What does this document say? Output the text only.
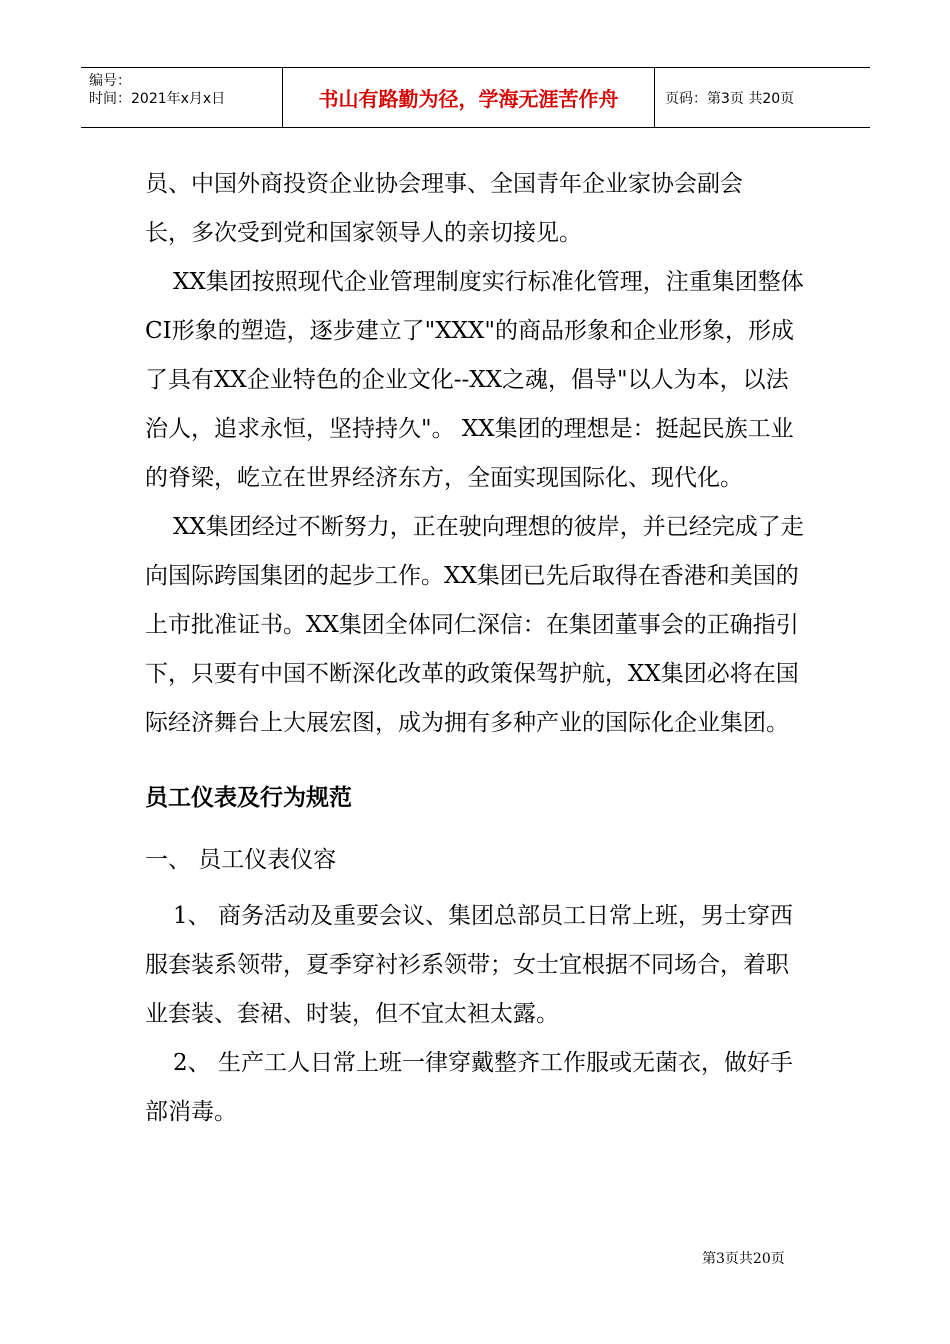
编号：
时间：2021年x月x日	书山有路勤为径，学海无涯苦作舟	页码：第3页 共20页

员、中国外商投资企业协会理事、全国青年企业家协会副会

长，多次受到党和国家领导人的亲切接见。

XX集团按照现代企业管理制度实行标准化管理，注重集团整体CI形象的塑造，逐步建立了"XXX"的商品形象和企业形象，形成了具有XX企业特色的企业文化--XX之魂，倡导"以人为本，以法治人，追求永恒，坚持持久"。 XX集团的理想是：挺起民族工业的脊梁，屹立在世界经济东方，全面实现国际化、现代化。

XX集团经过不断努力，正在驶向理想的彼岸，并已经完成了走向国际跨国集团的起步工作。XX集团已先后取得在香港和美国的上市批准证书。XX集团全体同仁深信：在集团董事会的正确指引下，只要有中国不断深化改革的政策保驾护航，XX集团必将在国际经济舞台上大展宏图，成为拥有多种产业的国际化企业集团。

员工仪表及行为规范

一、 员工仪表仪容

1、 商务活动及重要会议、集团总部员工日常上班，男士穿西服套装系领带，夏季穿衬衫系领带；女士宜根据不同场合，着职业套装、套裙、时装，但不宜太袒太露。

2、 生产工人日常上班一律穿戴整齐工作服或无菌衣，做好手部消毒。

第3页共20页
